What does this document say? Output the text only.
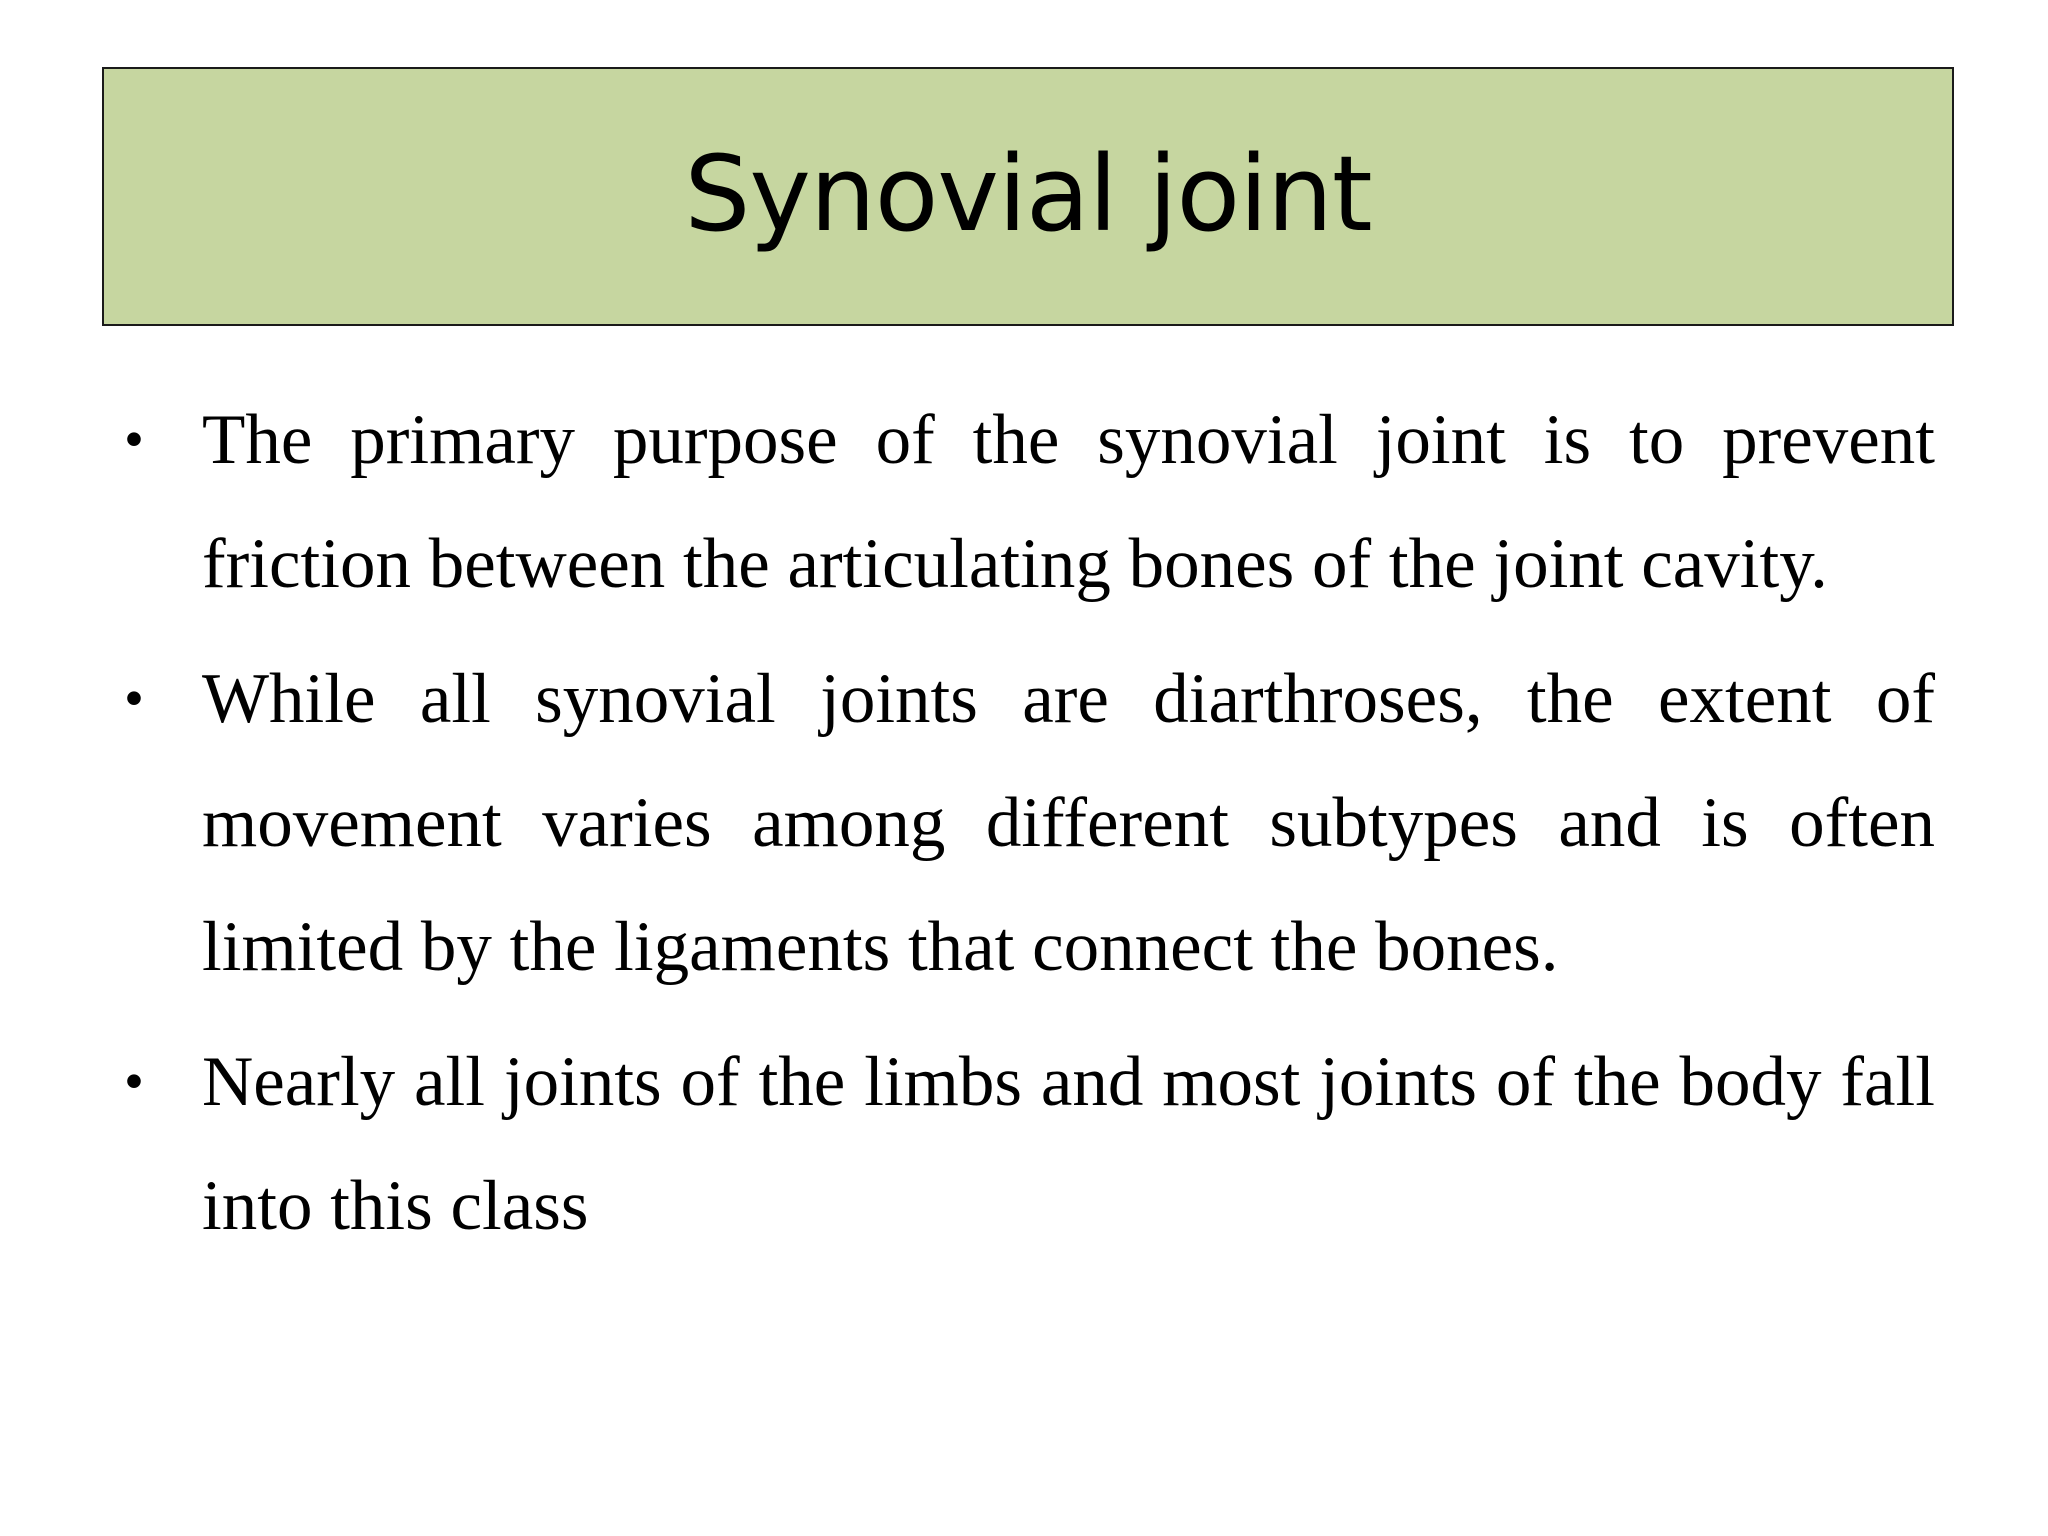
Synovial joint
• The primary purpose of the synovial joint is to prevent friction between the articulating bones of the joint cavity.
• While all synovial joints are diarthroses, the extent of movement varies among different subtypes and is often limited by the ligaments that connect the bones.
• Nearly all joints of the limbs and most joints of the body fall into this class
